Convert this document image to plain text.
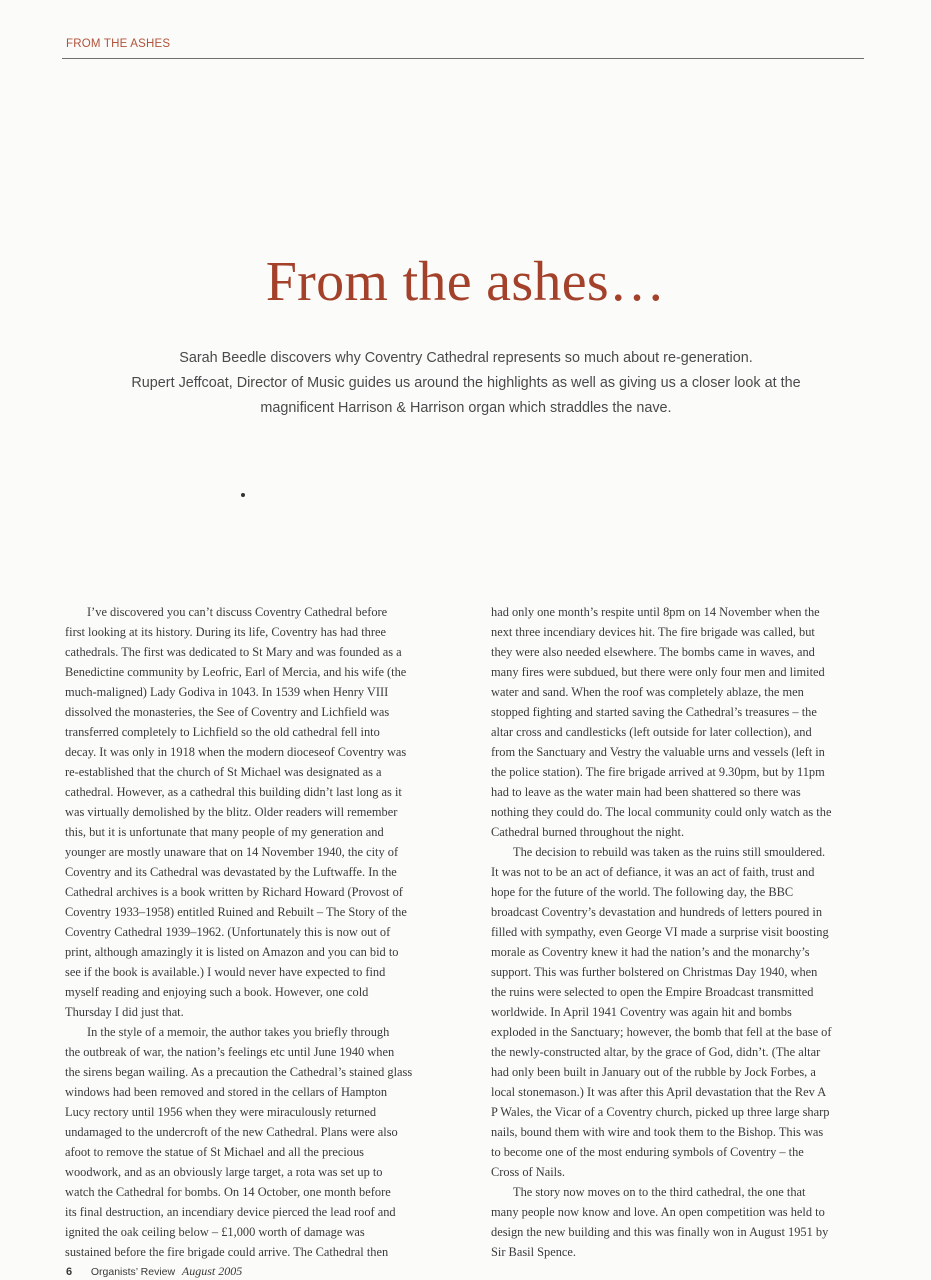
FROM THE ASHES
From the ashes…
Sarah Beedle discovers why Coventry Cathedral represents so much about re-generation.
Rupert Jeffcoat, Director of Music guides us around the highlights as well as giving us a closer look at the
magnificent Harrison & Harrison organ which straddles the nave.
I’ve discovered you can’t discuss Coventry Cathedral before
first looking at its history. During its life, Coventry has had three
cathedrals. The first was dedicated to St Mary and was founded as a
Benedictine community by Leofric, Earl of Mercia, and his wife (the
much-maligned) Lady Godiva in 1043. In 1539 when Henry VIII
dissolved the monasteries, the See of Coventry and Lichfield was
transferred completely to Lichfield so the old cathedral fell into
decay. It was only in 1918 when the modern dioceseof Coventry was
re-established that the church of St Michael was designated as a
cathedral. However, as a cathedral this building didn’t last long as it
was virtually demolished by the blitz. Older readers will remember
this, but it is unfortunate that many people of my generation and
younger are mostly unaware that on 14 November 1940, the city of
Coventry and its Cathedral was devastated by the Luftwaffe. In the
Cathedral archives is a book written by Richard Howard (Provost of
Coventry 1933–1958) entitled Ruined and Rebuilt – The Story of the
Coventry Cathedral 1939–1962. (Unfortunately this is now out of
print, although amazingly it is listed on Amazon and you can bid to
see if the book is available.) I would never have expected to find
myself reading and enjoying such a book. However, one cold
Thursday I did just that.
In the style of a memoir, the author takes you briefly through
the outbreak of war, the nation’s feelings etc until June 1940 when
the sirens began wailing. As a precaution the Cathedral’s stained glass
windows had been removed and stored in the cellars of Hampton
Lucy rectory until 1956 when they were miraculously returned
undamaged to the undercroft of the new Cathedral. Plans were also
afoot to remove the statue of St Michael and all the precious
woodwork, and as an obviously large target, a rota was set up to
watch the Cathedral for bombs. On 14 October, one month before
its final destruction, an incendiary device pierced the lead roof and
ignited the oak ceiling below – £1,000 worth of damage was
sustained before the fire brigade could arrive. The Cathedral then
had only one month’s respite until 8pm on 14 November when the
next three incendiary devices hit. The fire brigade was called, but
they were also needed elsewhere. The bombs came in waves, and
many fires were subdued, but there were only four men and limited
water and sand. When the roof was completely ablaze, the men
stopped fighting and started saving the Cathedral’s treasures – the
altar cross and candlesticks (left outside for later collection), and
from the Sanctuary and Vestry the valuable urns and vessels (left in
the police station). The fire brigade arrived at 9.30pm, but by 11pm
had to leave as the water main had been shattered so there was
nothing they could do. The local community could only watch as the
Cathedral burned throughout the night.
The decision to rebuild was taken as the ruins still smouldered.
It was not to be an act of defiance, it was an act of faith, trust and
hope for the future of the world. The following day, the BBC
broadcast Coventry’s devastation and hundreds of letters poured in
filled with sympathy, even George VI made a surprise visit boosting
morale as Coventry knew it had the nation’s and the monarchy’s
support. This was further bolstered on Christmas Day 1940, when
the ruins were selected to open the Empire Broadcast transmitted
worldwide. In April 1941 Coventry was again hit and bombs
exploded in the Sanctuary; however, the bomb that fell at the base of
the newly-constructed altar, by the grace of God, didn’t. (The altar
had only been built in January out of the rubble by Jock Forbes, a
local stonemason.) It was after this April devastation that the Rev A
P Wales, the Vicar of a Coventry church, picked up three large sharp
nails, bound them with wire and took them to the Bishop. This was
to become one of the most enduring symbols of Coventry – the
Cross of Nails.
The story now moves on to the third cathedral, the one that
many people now know and love. An open competition was held to
design the new building and this was finally won in August 1951 by
Sir Basil Spence.
6 Organists’ Review August 2005
